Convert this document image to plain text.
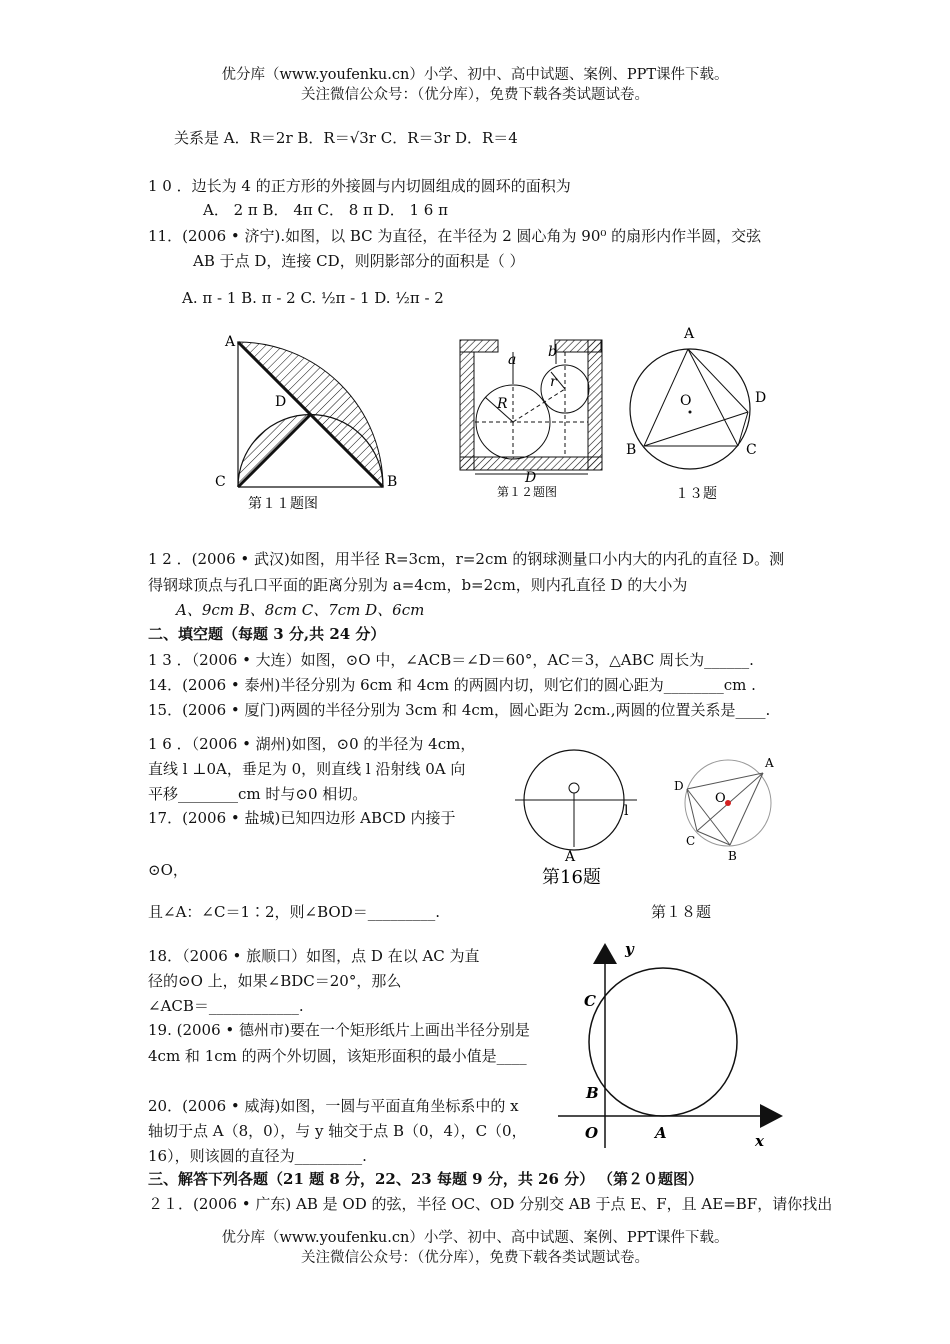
优分库（www.youfenku.cn）小学、初中、高中试题、案例、PPT课件下载。
关注微信公众号：（优分库），免费下载各类试题试卷。
关系是 A．R＝2r B．R＝√3r C．R＝3r D．R＝4
1 0 ．边长为 4 的正方形的外接圆与内切圆组成的圆环的面积为
A． 2 π B． 4π C． 8 π D． 1 6 π
11．(2006 • 济宁).如图，以 BC 为直径，在半径为 2 圆心角为 90⁰ 的扇形内作半圆，交弦
AB 于点 D，连接 CD，则阴影部分的面积是（ ）
A. π - 1 B. π - 2 C. ½π - 1 D. ½π - 2
A
B
C
D
第１１题图
a b
R
r
D
第１２题图
A
B	C
D
O
１３题
1 2 ．(2006 • 武汉)如图，用半径 R=3cm，r=2cm 的钢球测量口小内大的内孔的直径 D。测
得钢球顶点与孔口平面的距离分别为 a=4cm，b=2cm，则内孔直径 D 的大小为
A、9cm B、8cm C、7cm D、6cm
二、填空题（每题 3 分,共 24 分）
1 3 ．（2006 • 大连）如图，⊙O 中，∠ACB＝∠D＝60°，AC＝3，△ABC 周长为______.
14．(2006 • 泰州)半径分别为 6cm 和 4cm 的两圆内切，则它们的圆心距为________cm .
15．(2006 • 厦门)两圆的半径分别为 3cm 和 4cm，圆心距为 2cm.,两圆的位置关系是____.
1 6 ．（2006 • 湖州)如图，⊙0 的半径为 4cm，
直线 l ⊥0A，垂足为 0，则直线 l 沿射线 0A 向
平移________cm 时与⊙0 相切。
17．(2006 • 盐城)已知四边形 ABCD 内接于
⊙O，
且∠A：∠C＝1∶2，则∠BOD＝_________.
A
l
第16题
A
B
C
D
O
第１８题
18．（2006 • 旅顺口）如图，点 D 在以 AC 为直
径的⊙O 上，如果∠BDC＝20°，那么
∠ACB＝____________.
19. (2006 • 德州市)要在一个矩形纸片上画出半径分别是
4cm 和 1cm 的两个外切圆，该矩形面积的最小值是____
20．(2006 • 威海)如图，一圆与平面直角坐标系中的 x
轴切于点 A（8，0），与 y 轴交于点 B（0，4），C（0，
16），则该圆的直径为_________.
y
x
C
B
O	A
三、解答下列各题（21 题 8 分，22、23 每题 9 分，共 26 分） （第２０题图）
２１．(2006 • 广东) AB 是 OD 的弦，半径 OC、OD 分别交 AB 于点 E、F，且 AE=BF，请你找出
优分库（www.youfenku.cn）小学、初中、高中试题、案例、PPT课件下载。
关注微信公众号：（优分库），免费下载各类试题试卷。
